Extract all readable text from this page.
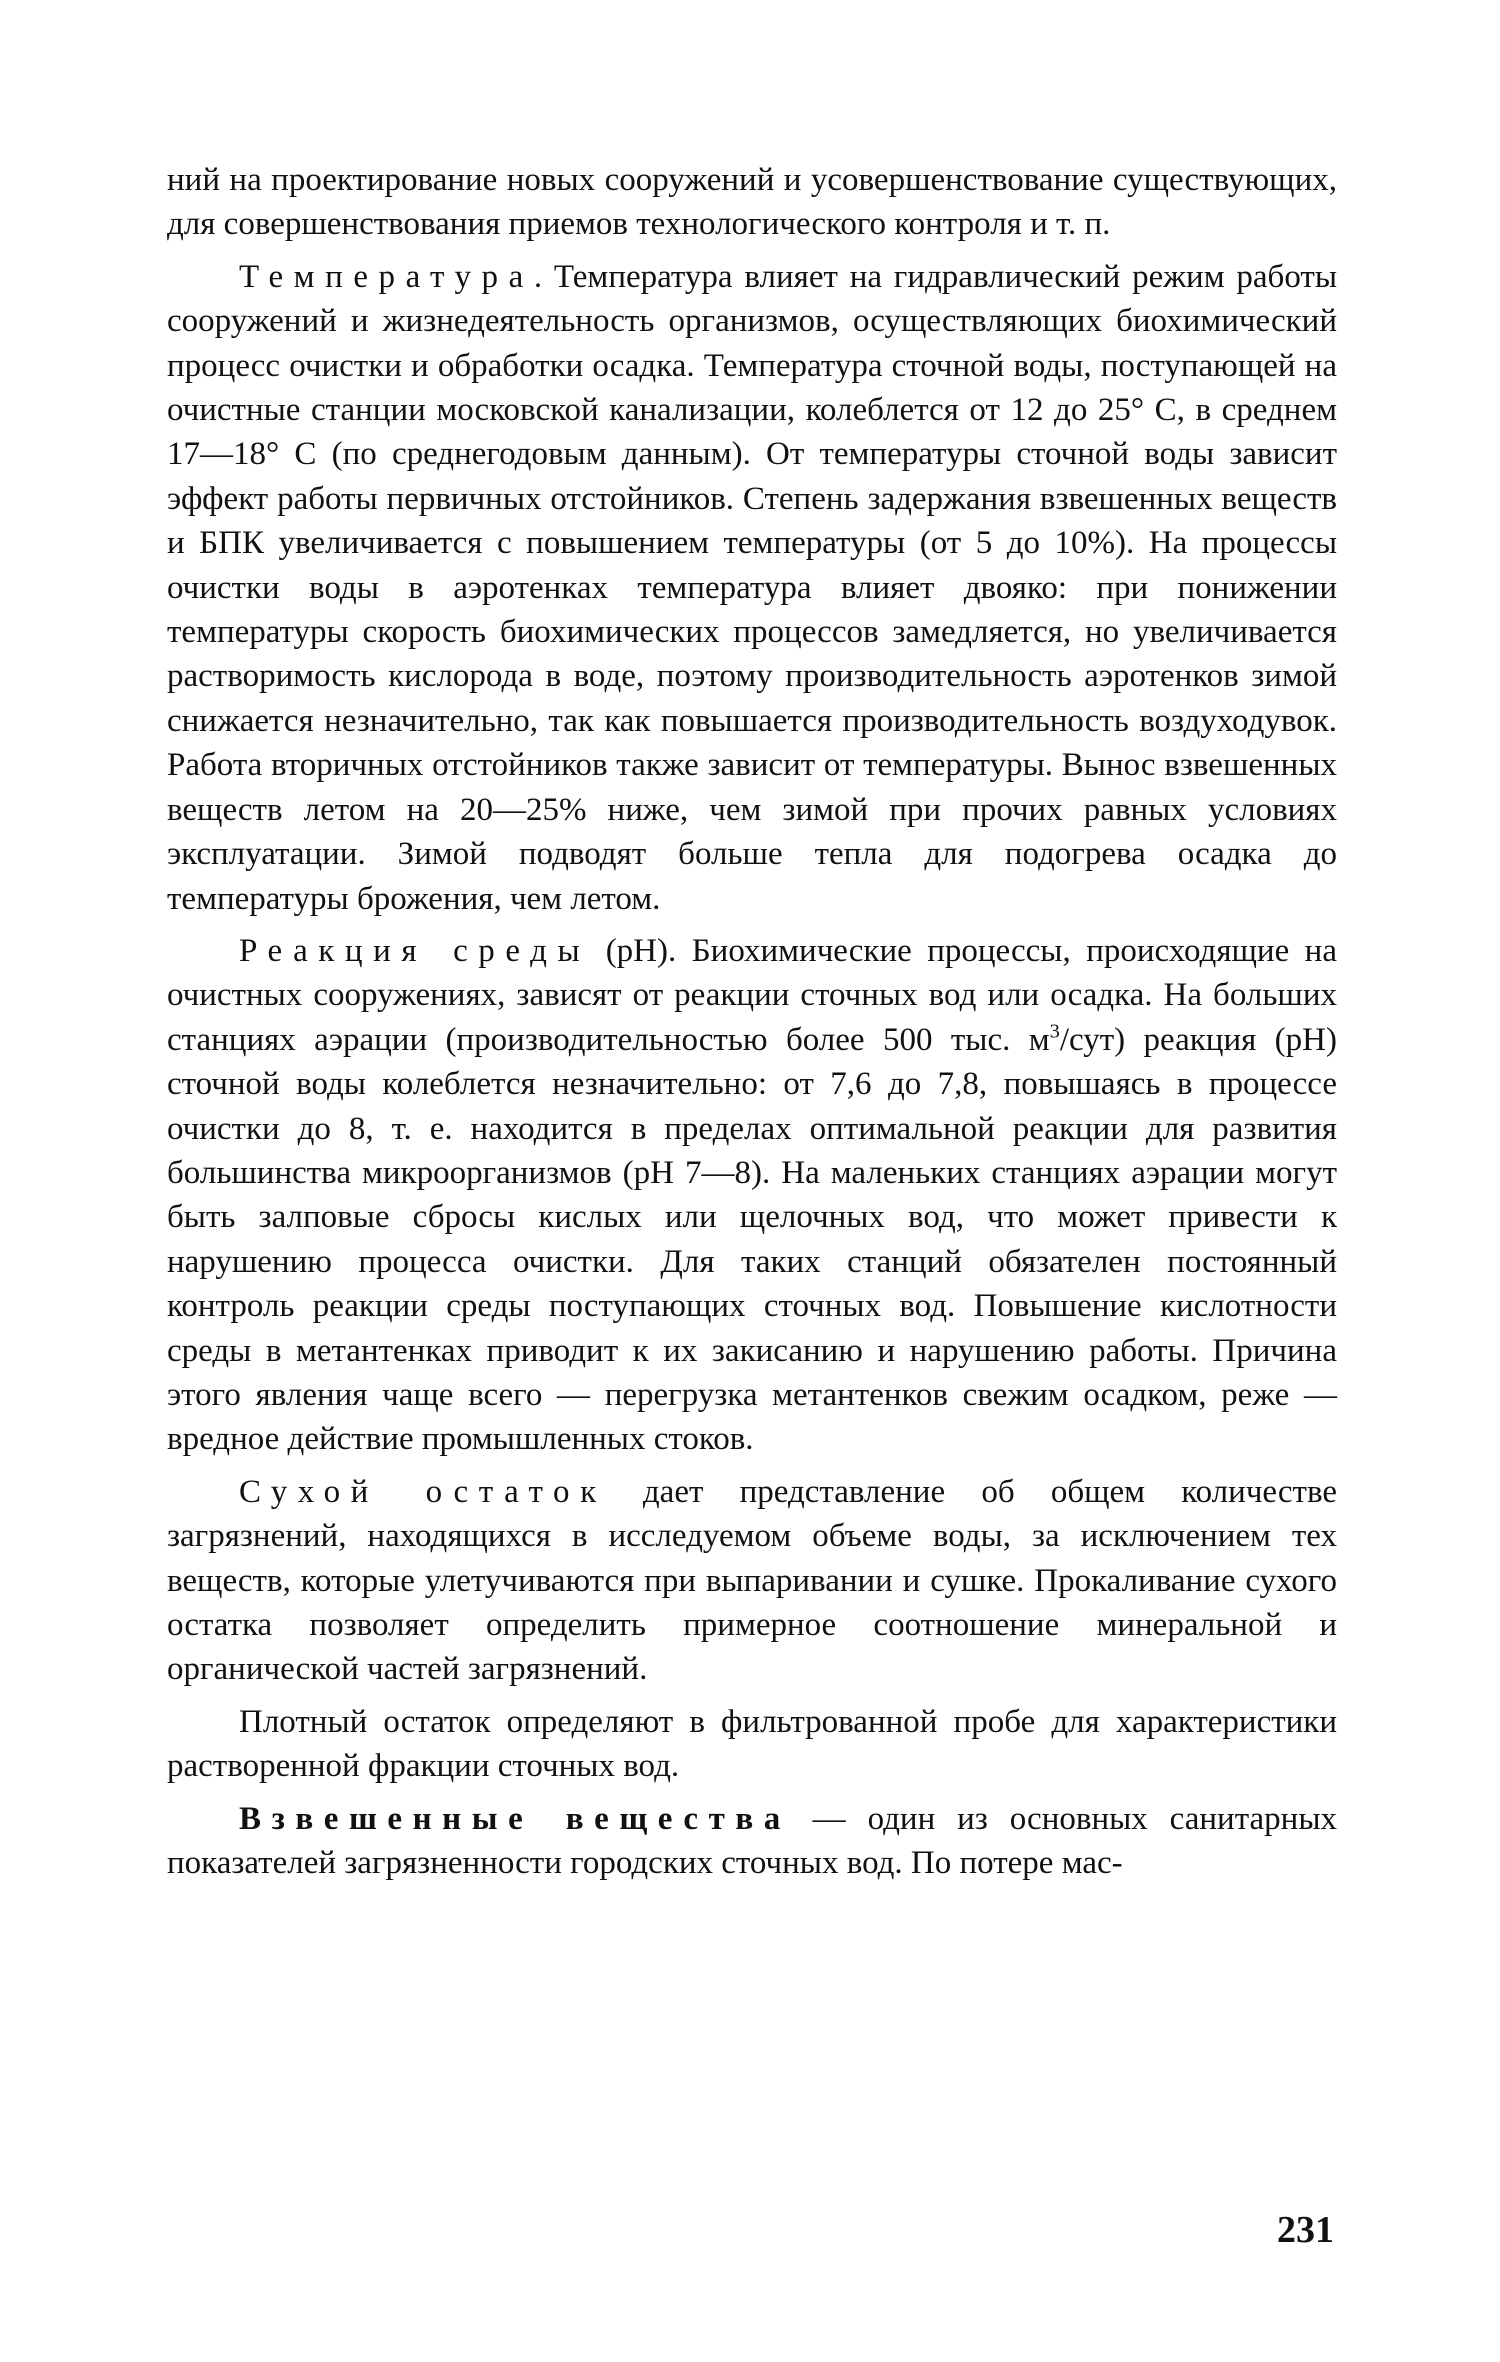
ний на проектирование новых сооружений и усовершенствование существующих, для совершенствования приемов технологического контроля и т. п.

Температура. Температура влияет на гидравлический режим работы сооружений и жизнедеятельность организмов, осуществляющих биохимический процесс очистки и обработки осадка. Температура сточной воды, поступающей на очистные станции московской канализации, колеблется от 12 до 25° С, в среднем 17—18° С (по среднегодовым данным). От температуры сточной воды зависит эффект работы первичных отстойников. Степень задержания взвешенных веществ и БПК увеличивается с повышением температуры (от 5 до 10%). На процессы очистки воды в аэротенках температура влияет двояко: при понижении температуры скорость биохимических процессов замедляется, но увеличивается растворимость кислорода в воде, поэтому производительность аэротенков зимой снижается незначительно, так как повышается производительность воздуходувок. Работа вторичных отстойников также зависит от температуры. Вынос взвешенных веществ летом на 20—25% ниже, чем зимой при прочих равных условиях эксплуатации. Зимой подводят больше тепла для подогрева осадка до температуры брожения, чем летом.

Реакция среды (рН). Биохимические процессы, происходящие на очистных сооружениях, зависят от реакции сточных вод или осадка. На больших станциях аэрации (производительностью более 500 тыс. $м^3/сут$) реакция (рН) сточной воды колеблется незначительно: от 7,6 до 7,8, повышаясь в процессе очистки до 8, т. е. находится в пределах оптимальной реакции для развития большинства микроорганизмов (рН 7—8). На маленьких станциях аэрации могут быть залповые сбросы кислых или щелочных вод, что может привести к нарушению процесса очистки. Для таких станций обязателен постоянный контроль реакции среды поступающих сточных вод. Повышение кислотности среды в метантенках приводит к их закисанию и нарушению работы. Причина этого явления чаще всего — перегрузка метантенков свежим осадком, реже — вредное действие промышленных стоков.

Сухой остаток дает представление об общем количестве загрязнений, находящихся в исследуемом объеме воды, за исключением тех веществ, которые улетучиваются при выпаривании и сушке. Прокаливание сухого остатка позволяет определить примерное соотношение минеральной и органической частей загрязнений.

Плотный остаток определяют в фильтрованной пробе для характеристики растворенной фракции сточных вод.

Взвешенные вещества — один из основных санитарных показателей загрязненности городских сточных вод. По потере мас-

231
